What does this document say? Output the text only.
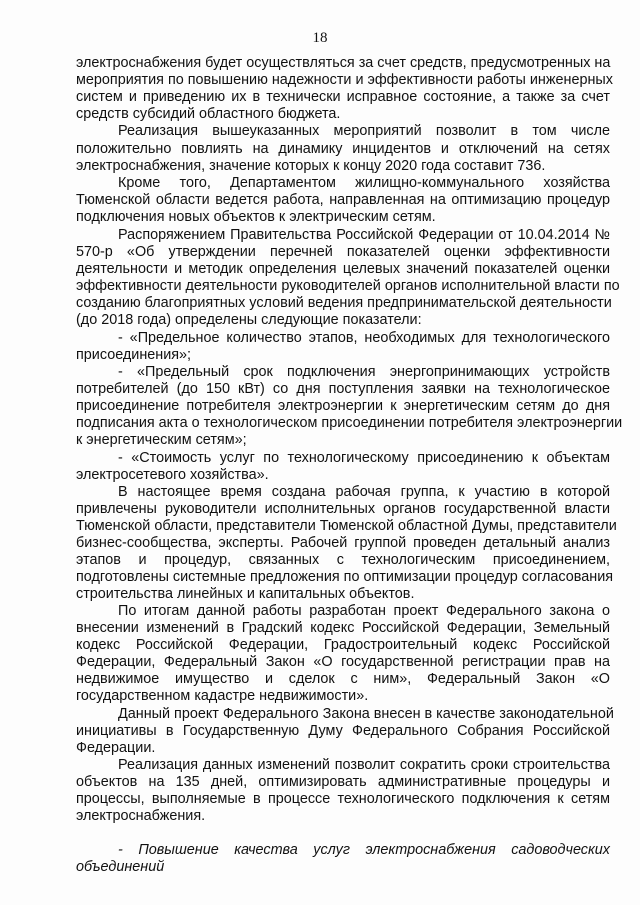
18
электроснабжения будет осуществляться за счет средств, предусмотренных на
мероприятия по повышению надежности и эффективности работы инженерных
систем и приведению их в технически исправное состояние, а также за счет
средств субсидий областного бюджета.
Реализация вышеуказанных мероприятий позволит в том числе
положительно повлиять на динамику инцидентов и отключений на сетях
электроснабжения, значение которых к концу 2020 года составит 736.
Кроме того, Департаментом жилищно-коммунального хозяйства
Тюменской области ведется работа, направленная на оптимизацию процедур
подключения новых объектов к электрическим сетям.
Распоряжением Правительства Российской Федерации от 10.04.2014 №
570-р «Об утверждении перечней показателей оценки эффективности
деятельности и методик определения целевых значений показателей оценки
эффективности деятельности руководителей органов исполнительной власти по
созданию благоприятных условий ведения предпринимательской деятельности
(до 2018 года) определены следующие показатели:
- «Предельное количество этапов, необходимых для технологического
присоединения»;
- «Предельный срок подключения энергопринимающих устройств
потребителей (до 150 кВт) со дня поступления заявки на технологическое
присоединение потребителя электроэнергии к энергетическим сетям до дня
подписания акта о технологическом присоединении потребителя электроэнергии
к энергетическим сетям»;
- «Стоимость услуг по технологическому присоединению к объектам
электросетевого хозяйства».
В настоящее время создана рабочая группа, к участию в которой
привлечены руководители исполнительных органов государственной власти
Тюменской области, представители Тюменской областной Думы, представители
бизнес-сообщества, эксперты. Рабочей группой проведен детальный анализ
этапов и процедур, связанных с технологическим присоединением,
подготовлены системные предложения по оптимизации процедур согласования
строительства линейных и капитальных объектов.
По итогам данной работы разработан проект Федерального закона о
внесении изменений в Градский кодекс Российской Федерации, Земельный
кодекс Российской Федерации, Градостроительный кодекс Российской
Федерации, Федеральный Закон «О государственной регистрации прав на
недвижимое имущество и сделок с ним», Федеральный Закон «О
государственном кадастре недвижимости».
Данный проект Федерального Закона внесен в качестве законодательной
инициативы в Государственную Думу Федерального Собрания Российской
Федерации.
Реализация данных изменений позволит сократить сроки строительства
объектов на 135 дней, оптимизировать административные процедуры и
процессы, выполняемые в процессе технологического подключения к сетям
электроснабжения.
- Повышение качества услуг электроснабжения садоводческих
объединений
